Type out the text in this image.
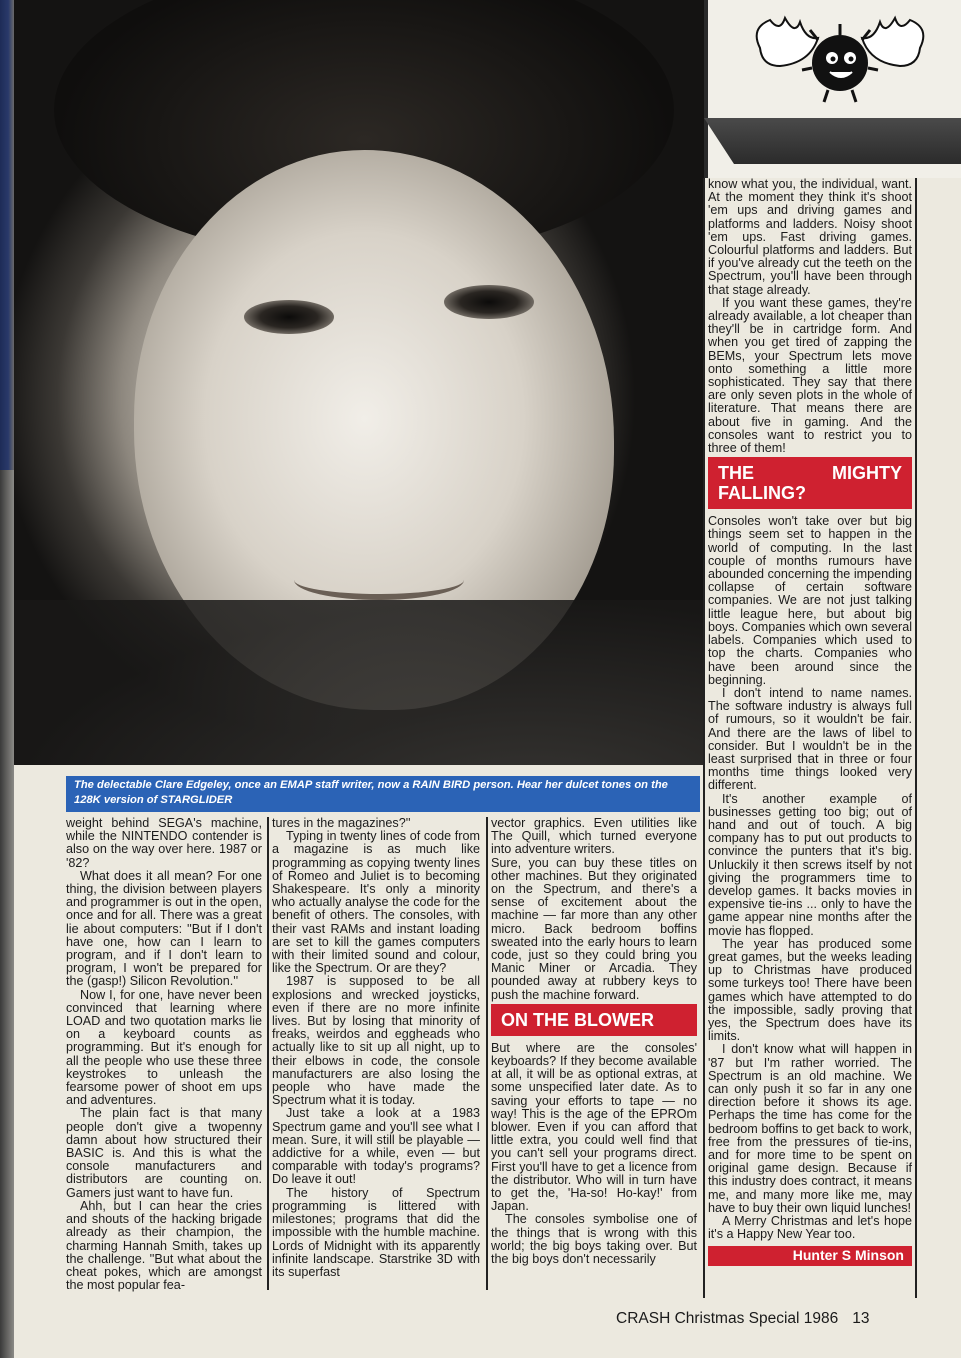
The delectable Clare Edgeley, once an EMAP staff writer, now a RAIN BIRD person. Hear her dulcet tones on the 128K version of STARGLIDER

weight behind SEGA's machine, while the NINTENDO contender is also on the way over here. 1987 or '82?

What does it all mean? For one thing, the division between players and programmer is out in the open, once and for all. There was a great lie about computers: ''But if I don't have one, how can I learn to program, and if I don't learn to program, I won't be prepared for the (gasp!) Silicon Revolution.''

Now I, for one, have never been convinced that learning where LOAD and two quotation marks lie on a keyboard counts as programming. But it's enough for all the people who use these three keystrokes to unleash the fearsome power of shoot em ups and adventures.

The plain fact is that many people don't give a twopenny damn about how structured their BASIC is. And this is what the console manufacturers and distributors are counting on. Gamers just want to have fun.

Ahh, but I can hear the cries and shouts of the hacking brigade already as their champion, the charming Hannah Smith, takes up the challenge. ''But what about the cheat pokes, which are amongst the most popular fea-

tures in the magazines?''

Typing in twenty lines of code from a magazine is as much like programming as copying twenty lines of Romeo and Juliet is to becoming Shakespeare. It's only a minority who actually analyse the code for the benefit of others. The consoles, with their vast RAMs and instant loading are set to kill the games computers with their limited sound and colour, like the Spectrum. Or are they?

1987 is supposed to be all explosions and wrecked joysticks, even if there are no more infinite lives. But by losing that minority of freaks, weirdos and eggheads who actually like to sit up all night, up to their elbows in code, the console manufacturers are also losing the people who have made the Spectrum what it is today.

Just take a look at a 1983 Spectrum game and you'll see what I mean. Sure, it will still be playable — addictive for a while, even — but comparable with today's programs? Do leave it out!

The history of Spectrum programming is littered with milestones; programs that did the impossible with the humble machine. Lords of Midnight with its apparently infinite landscape. Starstrike 3D with its superfast

vector graphics. Even utilities like The Quill, which turned everyone into adventure writers.

Sure, you can buy these titles on other machines. But they originated on the Spectrum, and there's a sense of excitement about the machine — far more than any other micro. Back bedroom boffins sweated into the early hours to learn code, just so they could bring you Manic Miner or Arcadia. They pounded away at rubbery keys to push the machine forward.

ON THE BLOWER

But where are the consoles' keyboards? If they become available at all, it will be as optional extras, at some unspecified later date. As to saving your efforts to tape — no way! This is the age of the EPROm blower. Even if you can afford that little extra, you could well find that you can't sell your programs direct. First you'll have to get a licence from the distributor. Who will in turn have to get the, 'Ha-so! Ho-kay!' from Japan.

The consoles symbolise one of the things that is wrong with this world; the big boys taking over. But the big boys don't necessarily

know what you, the individual, want. At the moment they think it's shoot 'em ups and driving games and platforms and ladders. Noisy shoot 'em ups. Fast driving games. Colourful platforms and ladders. But if you've already cut the teeth on the Spectrum, you'll have been through that stage already.

If you want these games, they're already available, a lot cheaper than they'll be in cartridge form. And when you get tired of zapping the BEMs, your Spectrum lets move onto something a little more sophisticated. They say that there are only seven plots in the whole of literature. That means there are about five in gaming. And the consoles want to restrict you to three of them!

THE MIGHTY FALLING?

Consoles won't take over but big things seem set to happen in the world of computing. In the last couple of months rumours have abounded concerning the impending collapse of certain software companies. We are not just talking little league here, but about big boys. Companies which own several labels. Companies which used to top the charts. Companies who have been around since the beginning.

I don't intend to name names. The software industry is always full of rumours, so it wouldn't be fair. And there are the laws of libel to consider. But I wouldn't be in the least surprised that in three or four months time things looked very different.

It's another example of businesses getting too big; out of hand and out of touch. A big company has to put out products to convince the punters that it's big. Unluckily it then screws itself by not giving the programmers time to develop games. It backs movies in expensive tie-ins ... only to have the game appear nine months after the movie has flopped.

The year has produced some great games, but the weeks leading up to Christmas have produced some turkeys too! There have been games which have attempted to do the impossible, sadly proving that yes, the Spectrum does have its limits.

I don't know what will happen in '87 but I'm rather worried. The Spectrum is an old machine. We can only push it so far in any one direction before it shows its age. Perhaps the time has come for the bedroom boffins to get back to work, free from the pressures of tie-ins, and for more time to be spent on original game design. Because if this industry does contract, it means me, and many more like me, may have to buy their own liquid lunches!

A Merry Christmas and let's hope it's a Happy New Year too.

Hunter S Minson
CRASH Christmas Special 1986 13
